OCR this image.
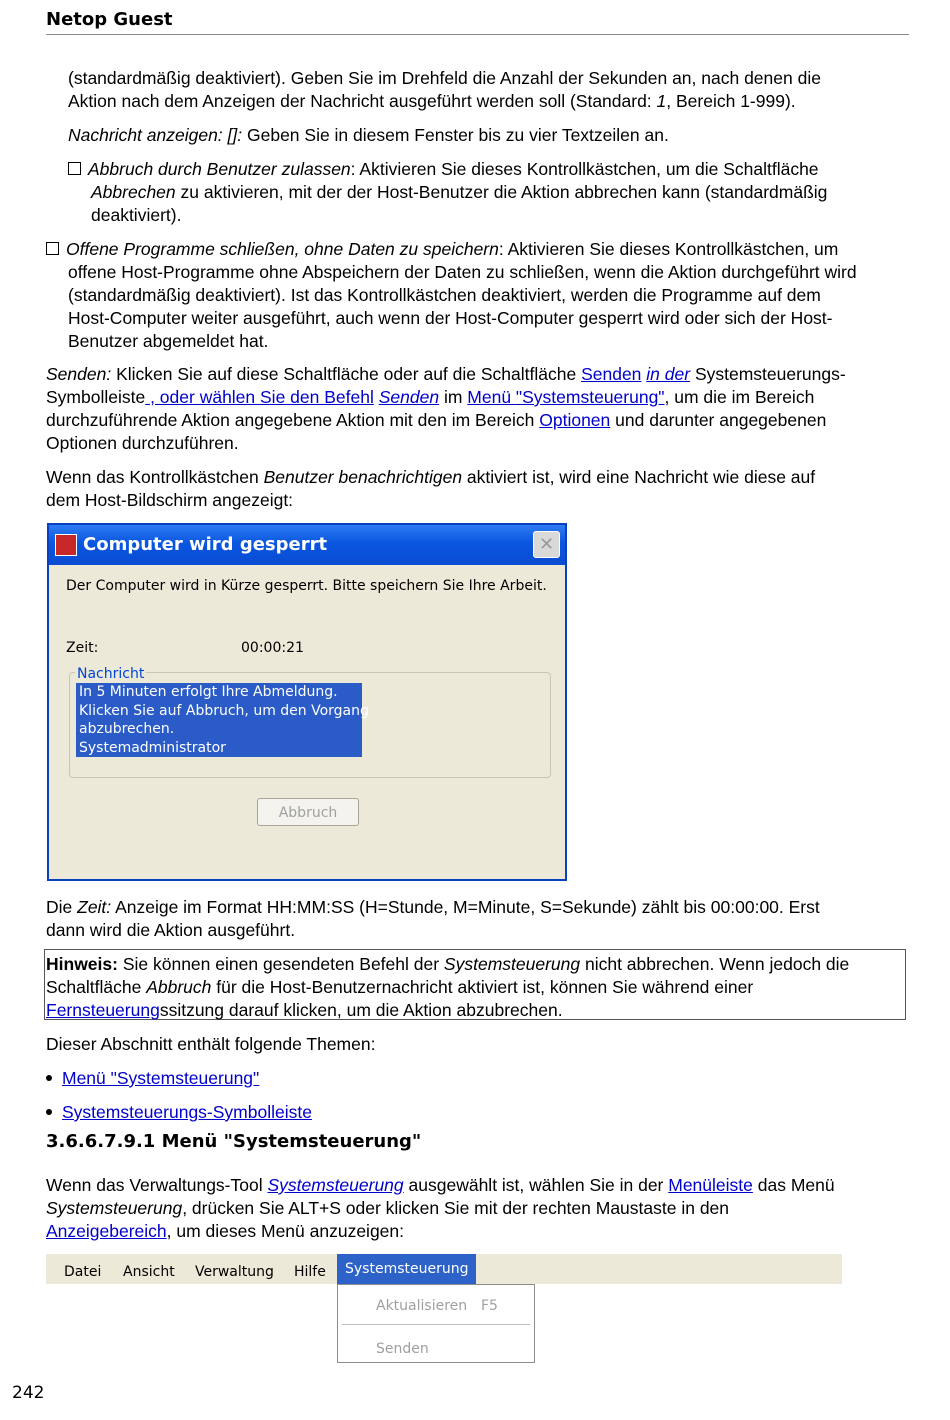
Netop Guest

(standardmäßig deaktiviert). Geben Sie im Drehfeld die Anzahl der Sekunden an, nach denen die
Aktion nach dem Anzeigen der Nachricht ausgeführt werden soll (Standard: 1, Bereich 1-999).

Nachricht anzeigen: []: Geben Sie in diesem Fenster bis zu vier Textzeilen an.

Abbruch durch Benutzer zulassen: Aktivieren Sie dieses Kontrollkästchen, um die Schaltfläche
Abbrechen zu aktivieren, mit der der Host-Benutzer die Aktion abbrechen kann (standardmäßig
deaktiviert).

Offene Programme schließen, ohne Daten zu speichern: Aktivieren Sie dieses Kontrollkästchen, um
offene Host-Programme ohne Abspeichern der Daten zu schließen, wenn die Aktion durchgeführt wird
(standardmäßig deaktiviert). Ist das Kontrollkästchen deaktiviert, werden die Programme auf dem
Host-Computer weiter ausgeführt, auch wenn der Host-Computer gesperrt wird oder sich der Host-
Benutzer abgemeldet hat.
Senden: Klicken Sie auf diese Schaltfläche oder auf die Schaltfläche Senden in der Systemsteuerungs-
Symbolleiste , oder wählen Sie den Befehl Senden im Menü "Systemsteuerung", um die im Bereich
durchzuführende Aktion angegebene Aktion mit den im Bereich Optionen und darunter angegebenen
Optionen durchzuführen.
Wenn das Kontrollkästchen Benutzer benachrichtigen aktiviert ist, wird eine Nachricht wie diese auf
dem Host-Bildschirm angezeigt:
Computer wird gesperrt	✕
Der Computer wird in Kürze gesperrt. Bitte speichern Sie Ihre Arbeit.
Zeit:	00:00:21
Nachricht
In 5 Minuten erfolgt Ihre Abmeldung.
Klicken Sie auf Abbruch, um den Vorgang
abzubrechen.
Systemadministrator
Abbruch
Die Zeit: Anzeige im Format HH:MM:SS (H=Stunde, M=Minute, S=Sekunde) zählt bis 00:00:00. Erst
dann wird die Aktion ausgeführt.
Hinweis: Sie können einen gesendeten Befehl der Systemsteuerung nicht abbrechen. Wenn jedoch die
Schaltfläche Abbruch für die Host-Benutzernachricht aktiviert ist, können Sie während einer
Fernsteuerungssitzung darauf klicken, um die Aktion abzubrechen.

Dieser Abschnitt enthält folgende Themen:

Menü "Systemsteuerung"

Systemsteuerungs-Symbolleiste

3.6.6.7.9.1 Menü "Systemsteuerung"
Wenn das Verwaltungs-Tool Systemsteuerung ausgewählt ist, wählen Sie in der Menüleiste das Menü
Systemsteuerung, drücken Sie ALT+S oder klicken Sie mit der rechten Maustaste in den
Anzeigebereich, um dieses Menü anzuzeigen:
Datei Ansicht Verwaltung Hilfe	Systemsteuerung
Aktualisieren F5
Senden
242
